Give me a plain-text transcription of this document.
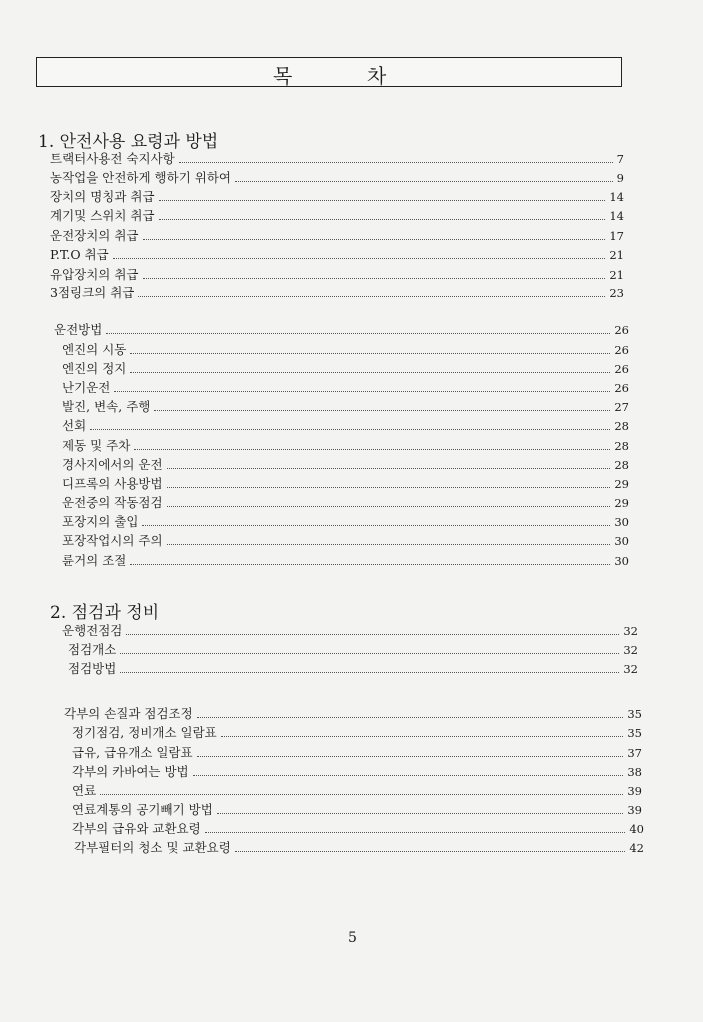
목	차
1. 안전사용 요령과 방법
트랙터사용전 숙지사항	7
농작업을 안전하게 행하기 위하여	9
장치의 명칭과 취급	14
계기및 스위치 취급	14
운전장치의 취급	17
P.T.O 취급	21
유압장치의 취급	21
3점링크의 취급	23
운전방법	26
엔진의 시동	26
엔진의 정지	26
난기운전	26
발진, 변속, 주행	27
선회	28
제동 및 주차	28
경사지에서의 운전	28
디프록의 사용방법	29
운전중의 작동점검	29
포장지의 출입	30
포장작업시의 주의	30
륜거의 조절	30
2. 점검과 정비
운행전점검	32
점검개소	32
점검방법	32
각부의 손질과 점검조정	35
정기점검, 정비개소 일람표	35
급유, 급유개소 일람표	37
각부의 카바여는 방법	38
연료	39
연료계통의 공기빼기 방법	39
각부의 급유와 교환요령	40
각부필터의 청소 및 교환요령	42
5
